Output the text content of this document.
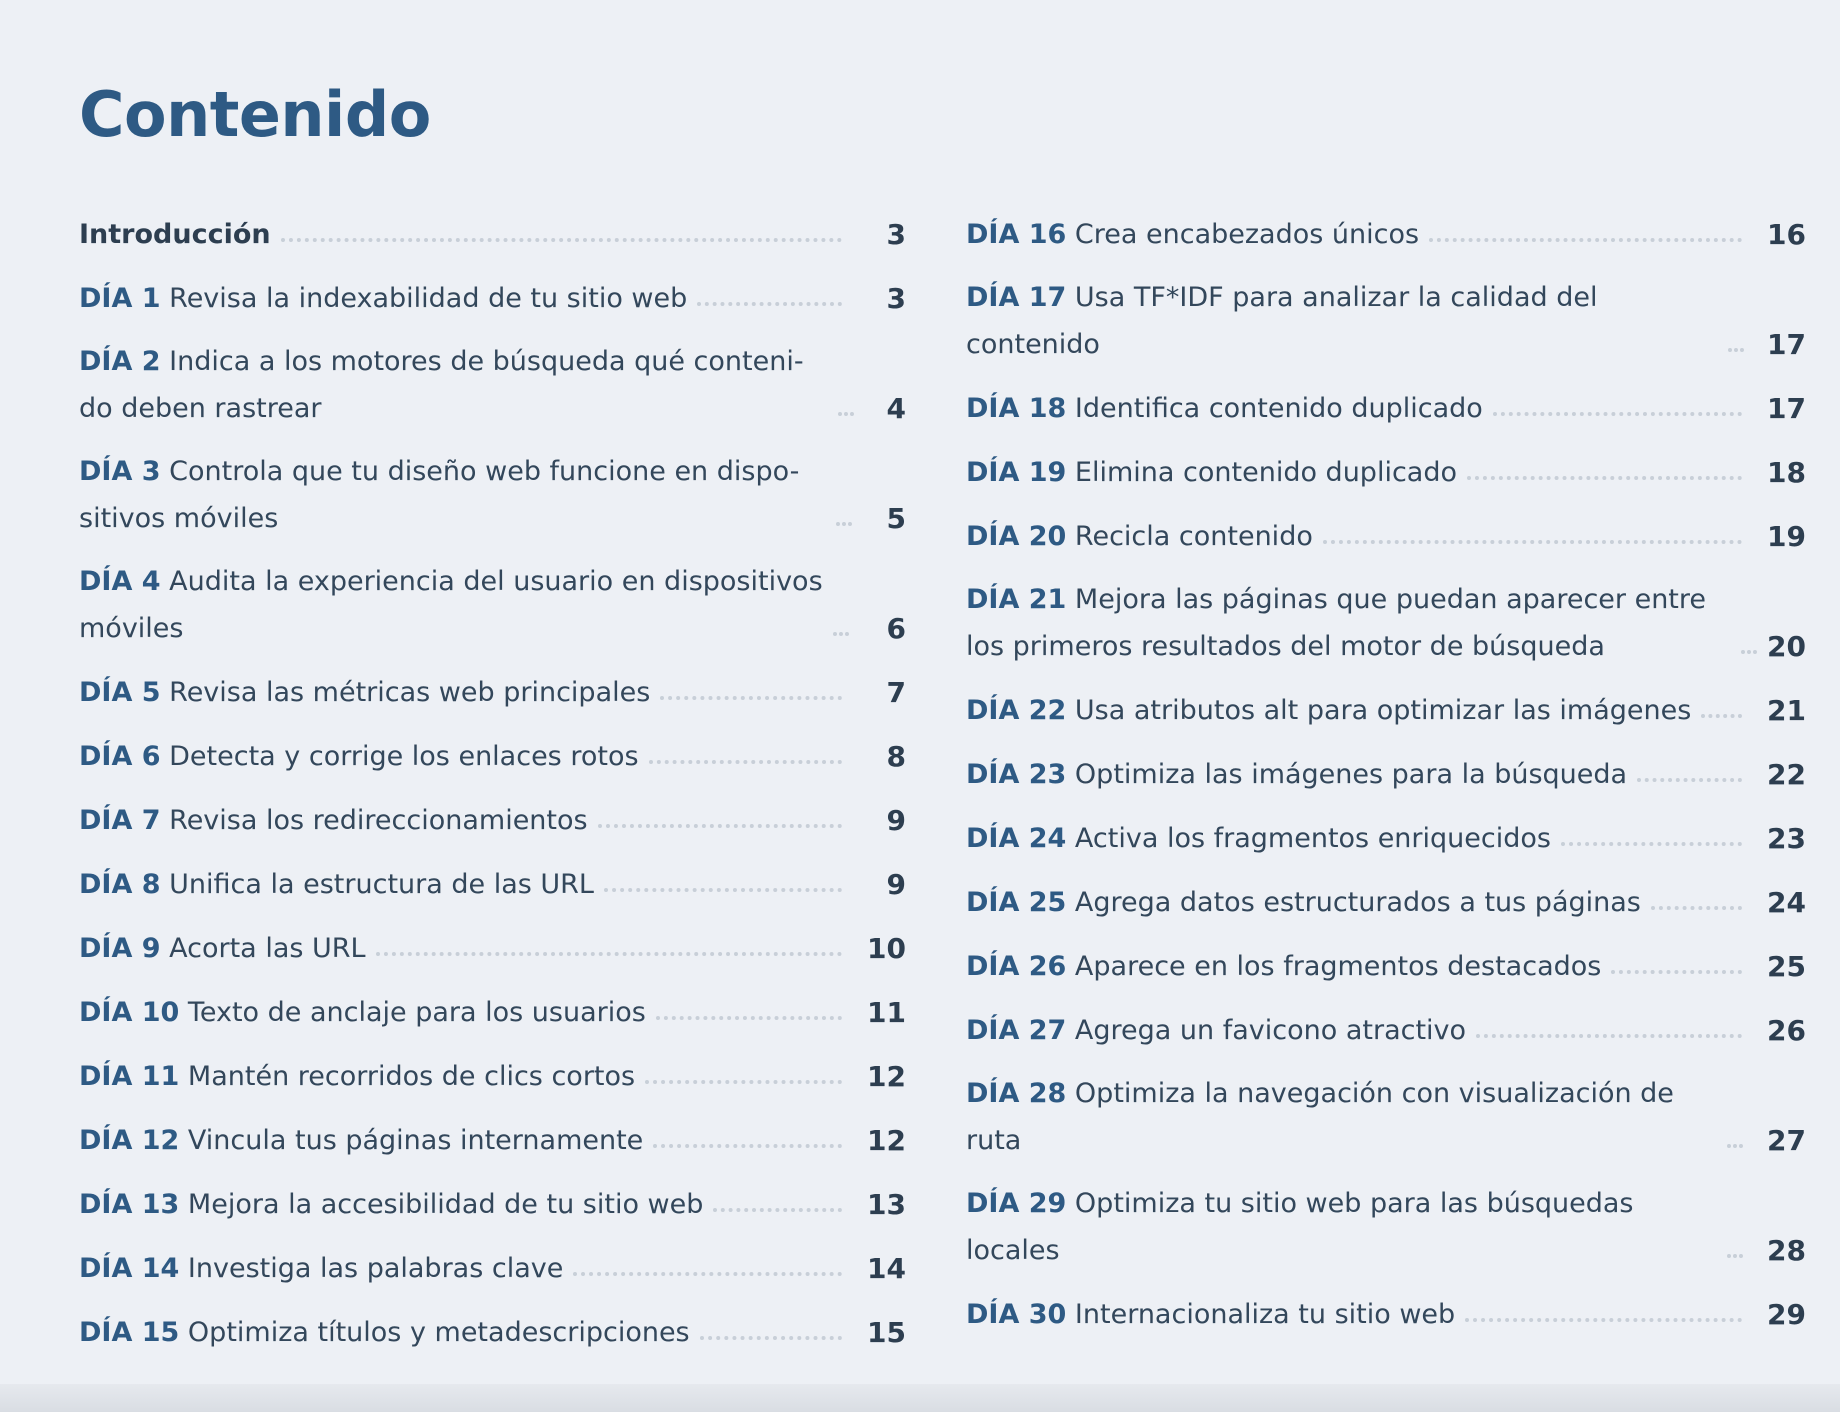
Contenido
Introducción	3
DÍA 1 Revisa la indexabilidad de tu sitio web	3
DÍA 2 Indica a los motores de búsqueda qué conteni-do deben rastrear	4
DÍA 3 Controla que tu diseño web funcione en dispo-sitivos móviles	5
DÍA 4 Audita la experiencia del usuario en dispositivos móviles	6
DÍA 5 Revisa las métricas web principales	7
DÍA 6 Detecta y corrige los enlaces rotos	8
DÍA 7 Revisa los redireccionamientos	9
DÍA 8 Unifica la estructura de las URL	9
DÍA 9 Acorta las URL	10
DÍA 10 Texto de anclaje para los usuarios	11
DÍA 11 Mantén recorridos de clics cortos	12
DÍA 12 Vincula tus páginas internamente	12
DÍA 13 Mejora la accesibilidad de tu sitio web	13
DÍA 14 Investiga las palabras clave	14
DÍA 15 Optimiza títulos y metadescripciones	15
DÍA 16 Crea encabezados únicos	16
DÍA 17 Usa TF*IDF para analizar la calidad del contenido	17
DÍA 18 Identifica contenido duplicado	17
DÍA 19 Elimina contenido duplicado	18
DÍA 20 Recicla contenido	19
DÍA 21 Mejora las páginas que puedan aparecer entre los primeros resultados del motor de búsqueda	20
DÍA 22 Usa atributos alt para optimizar las imágenes	21
DÍA 23 Optimiza las imágenes para la búsqueda	22
DÍA 24 Activa los fragmentos enriquecidos	23
DÍA 25 Agrega datos estructurados a tus páginas	24
DÍA 26 Aparece en los fragmentos destacados	25
DÍA 27 Agrega un favicono atractivo	26
DÍA 28 Optimiza la navegación con visualización de ruta	27
DÍA 29 Optimiza tu sitio web para las búsquedas locales	28
DÍA 30 Internacionaliza tu sitio web	29
